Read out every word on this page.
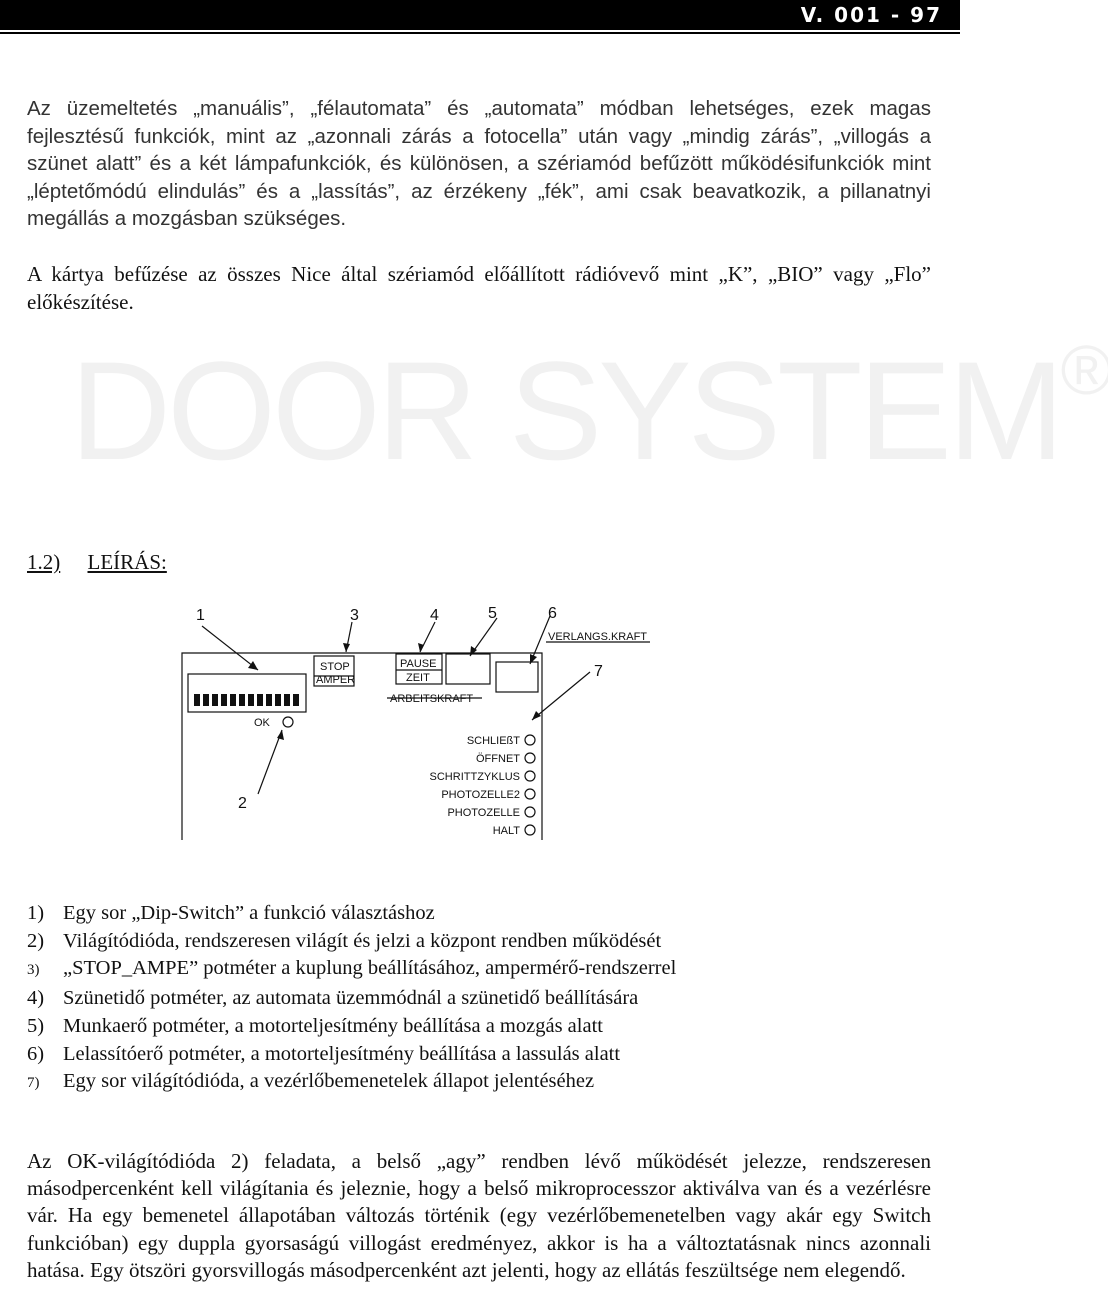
V. 001 - 97
DOOR SYSTEM®
Az üzemeltetés „manuális”, „félautomata” és „automata” módban lehetséges, ezek magas fejlesztésű funkciók, mint az „azonnali zárás a fotocella” után vagy „mindig zárás”, „villogás a szünet alatt” és a két lámpafunkciók, és különösen, a szériamód befűzött működésifunkciók mint „léptetőmódú elindulás” és a „lassítás”, az érzékeny „fék”, ami csak beavatkozik, a pillanatnyi megállás a mozgásban szükséges.
A kártya befűzése az összes Nice által szériamód előállított rádióvevő mint „K”, „BIO” vagy „Flo” előkészítése.
1.2) LEÍRÁS:
1
2
3	4	5	6
7
STOP
AMPER
PAUSE
ZEIT
ARBEITSKRAFT
VERLANGS.KRAFT
OK
SCHLIEßT
ÖFFNET
SCHRITTZYKLUS
PHOTOZELLE2
PHOTOZELLE
HALT
1) Egy sor „Dip-Switch” a funkció választáshoz
2) Világítódióda, rendszeresen világít és jelzi a központ rendben működését
3) „STOP_AMPE” potméter a kuplung beállításához, ampermérő-rendszerrel
4) Szünetidő potméter, az automata üzemmódnál a szünetidő beállítására
5) Munkaerő potméter, a motorteljesítmény beállítása a mozgás alatt
6) Lelassítóerő potméter, a motorteljesítmény beállítása a lassulás alatt
7) Egy sor világítódióda, a vezérlőbemenetelek állapot jelentéséhez
Az OK-világítódióda 2) feladata, a belső „agy” rendben lévő működését jelezze, rendszeresen másodpercenként kell világítania és jeleznie, hogy a belső mikroprocesszor aktiválva van és a vezérlésre vár. Ha egy bemenetel állapotában változás történik (egy vezérlőbemenetelben vagy akár egy Switch funkcióban) egy duppla gyorsaságú villogást eredményez, akkor is ha a változtatásnak nincs azonnali hatása. Egy ötszöri gyorsvillogás másodpercenként azt jelenti, hogy az ellátás feszültsége nem elegendő.
